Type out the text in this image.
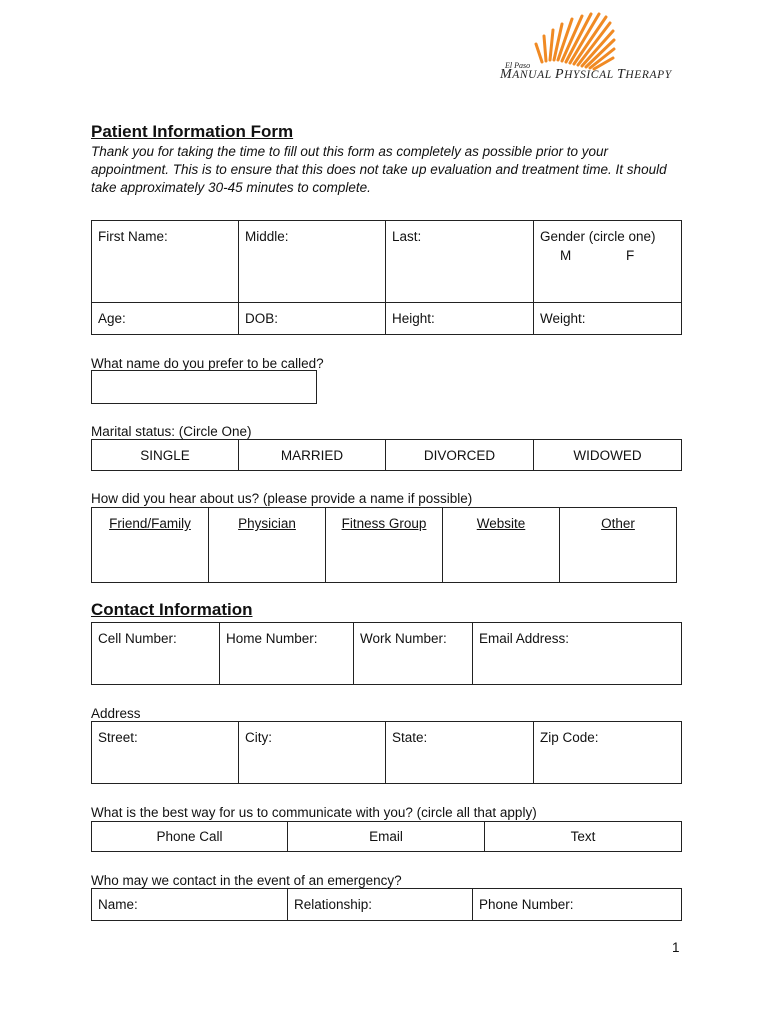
El Paso
MANUAL PHYSICAL THERAPY
Patient Information Form
Thank you for taking the time to fill out this form as completely as possible prior to your appointment. This is to ensure that this does not take up evaluation and treatment time. It should take approximately 30-45 minutes to complete.
First Name:	Middle:	Last:	Gender (circle one)
M F

Age:	DOB:	Height:	Weight:
What name do you prefer to be called?
Marital status: (Circle One)
SINGLE	MARRIED	DIVORCED	WIDOWED
How did you hear about us? (please provide a name if possible)
Friend/Family	Physician	Fitness Group	Website	Other
Contact Information
Cell Number:	Home Number:	Work Number:	Email Address:
Address
Street:	City:	State:	Zip Code:
What is the best way for us to communicate with you? (circle all that apply)
Phone Call	Email	Text
Who may we contact in the event of an emergency?
Name:	Relationship:	Phone Number:
1
